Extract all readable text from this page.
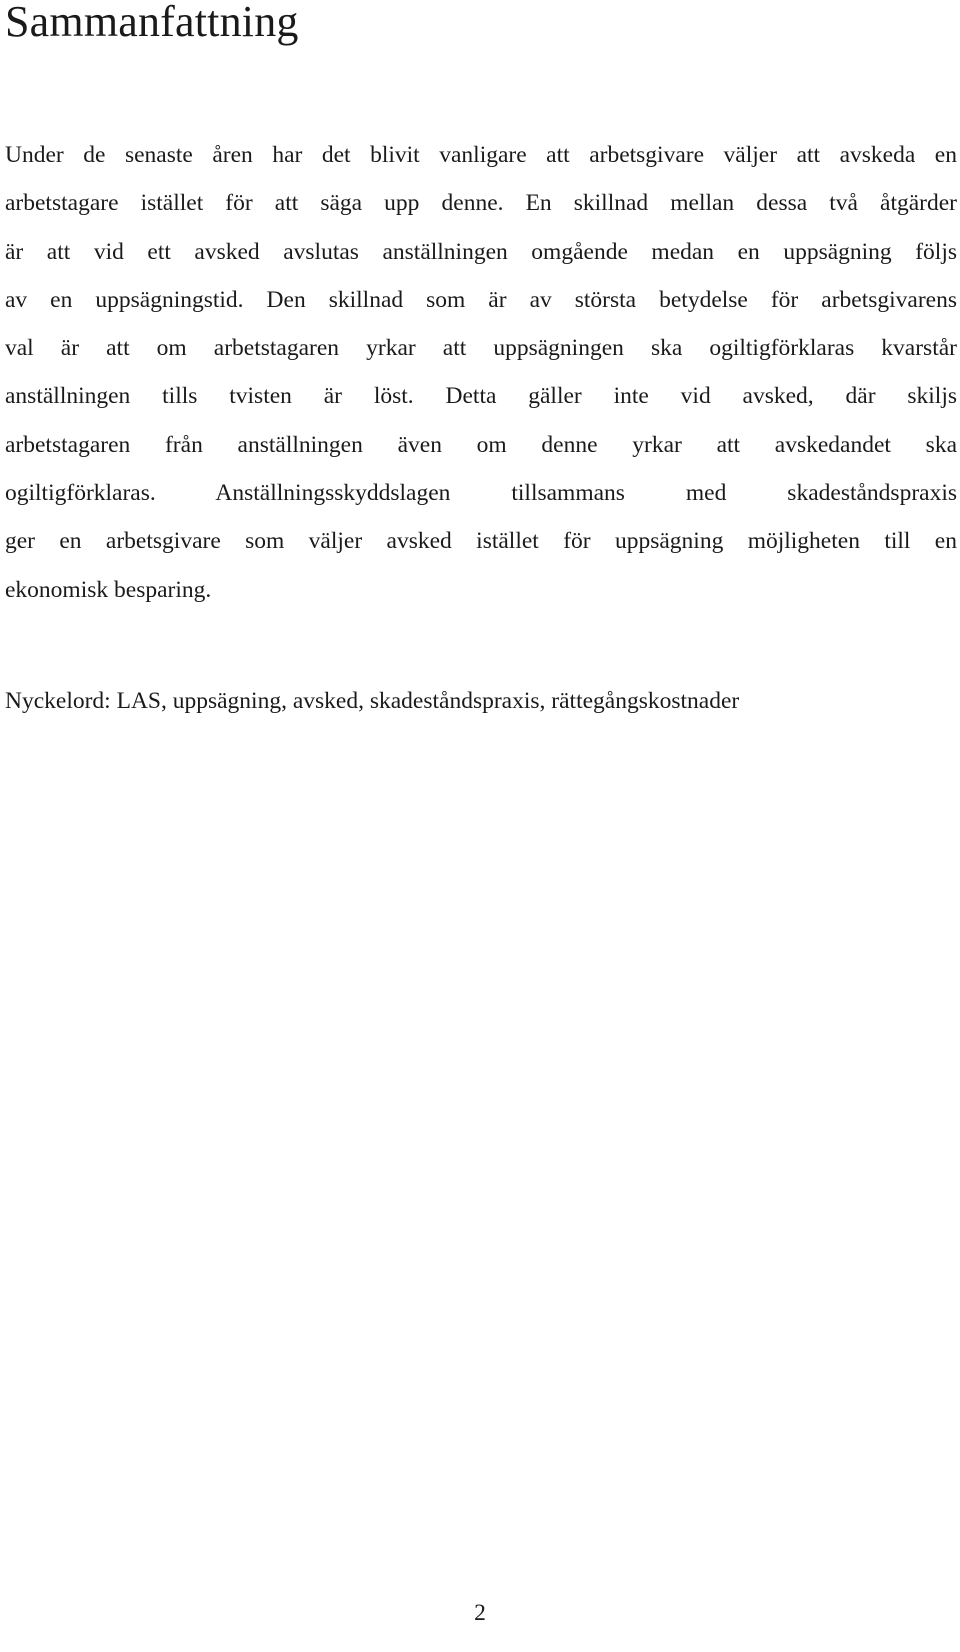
Sammanfattning
Under de senaste åren har det blivit vanligare att arbetsgivare väljer att avskeda en
arbetstagare istället för att säga upp denne. En skillnad mellan dessa två åtgärder
är att vid ett avsked avslutas anställningen omgående medan en uppsägning följs
av en uppsägningstid. Den skillnad som är av största betydelse för arbetsgivarens
val är att om arbetstagaren yrkar att uppsägningen ska ogiltigförklaras kvarstår
anställningen tills tvisten är löst. Detta gäller inte vid avsked, där skiljs
arbetstagaren från anställningen även om denne yrkar att avskedandet ska
ogiltigförklaras. Anställningsskyddslagen tillsammans med skadeståndspraxis
ger en arbetsgivare som väljer avsked istället för uppsägning möjligheten till en
ekonomisk besparing.

Nyckelord: LAS, uppsägning, avsked, skadeståndspraxis, rättegångskostnader

2
